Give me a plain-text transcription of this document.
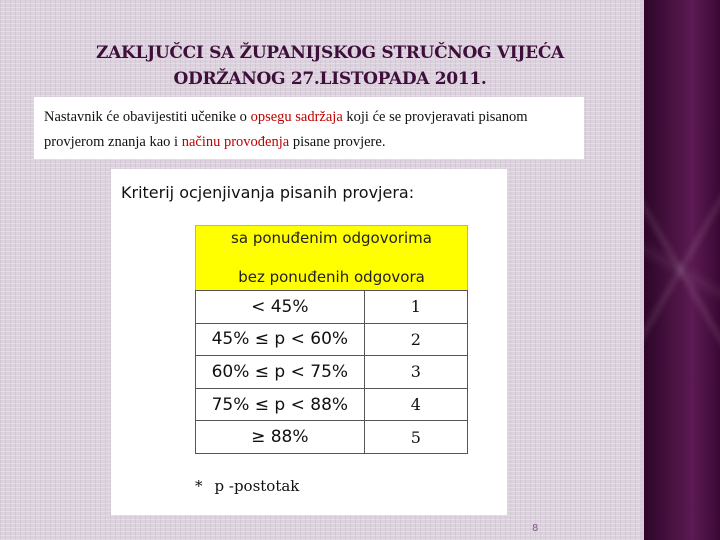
ZAKLJUČCI SA ŽUPANIJSKOG STRUČNOG VIJEĆA
ODRŽANOG 27.LISTOPADA 2011.
Nastavnik će obavijestiti učenike o opsegu sadržaja koji će se provjeravati pisanom provjerom znanja kao i načinu provođenja pisane provjere.
Kriterij ocjenjivanja pisanih provjera:
sa ponuđenim odgovorima
bez ponuđenih odgovora
< 45%	1
45% ≤ p < 60%	2
60% ≤ p < 75%	3
75% ≤ p < 88%	4
≥ 88%	5
* p -postotak
8
